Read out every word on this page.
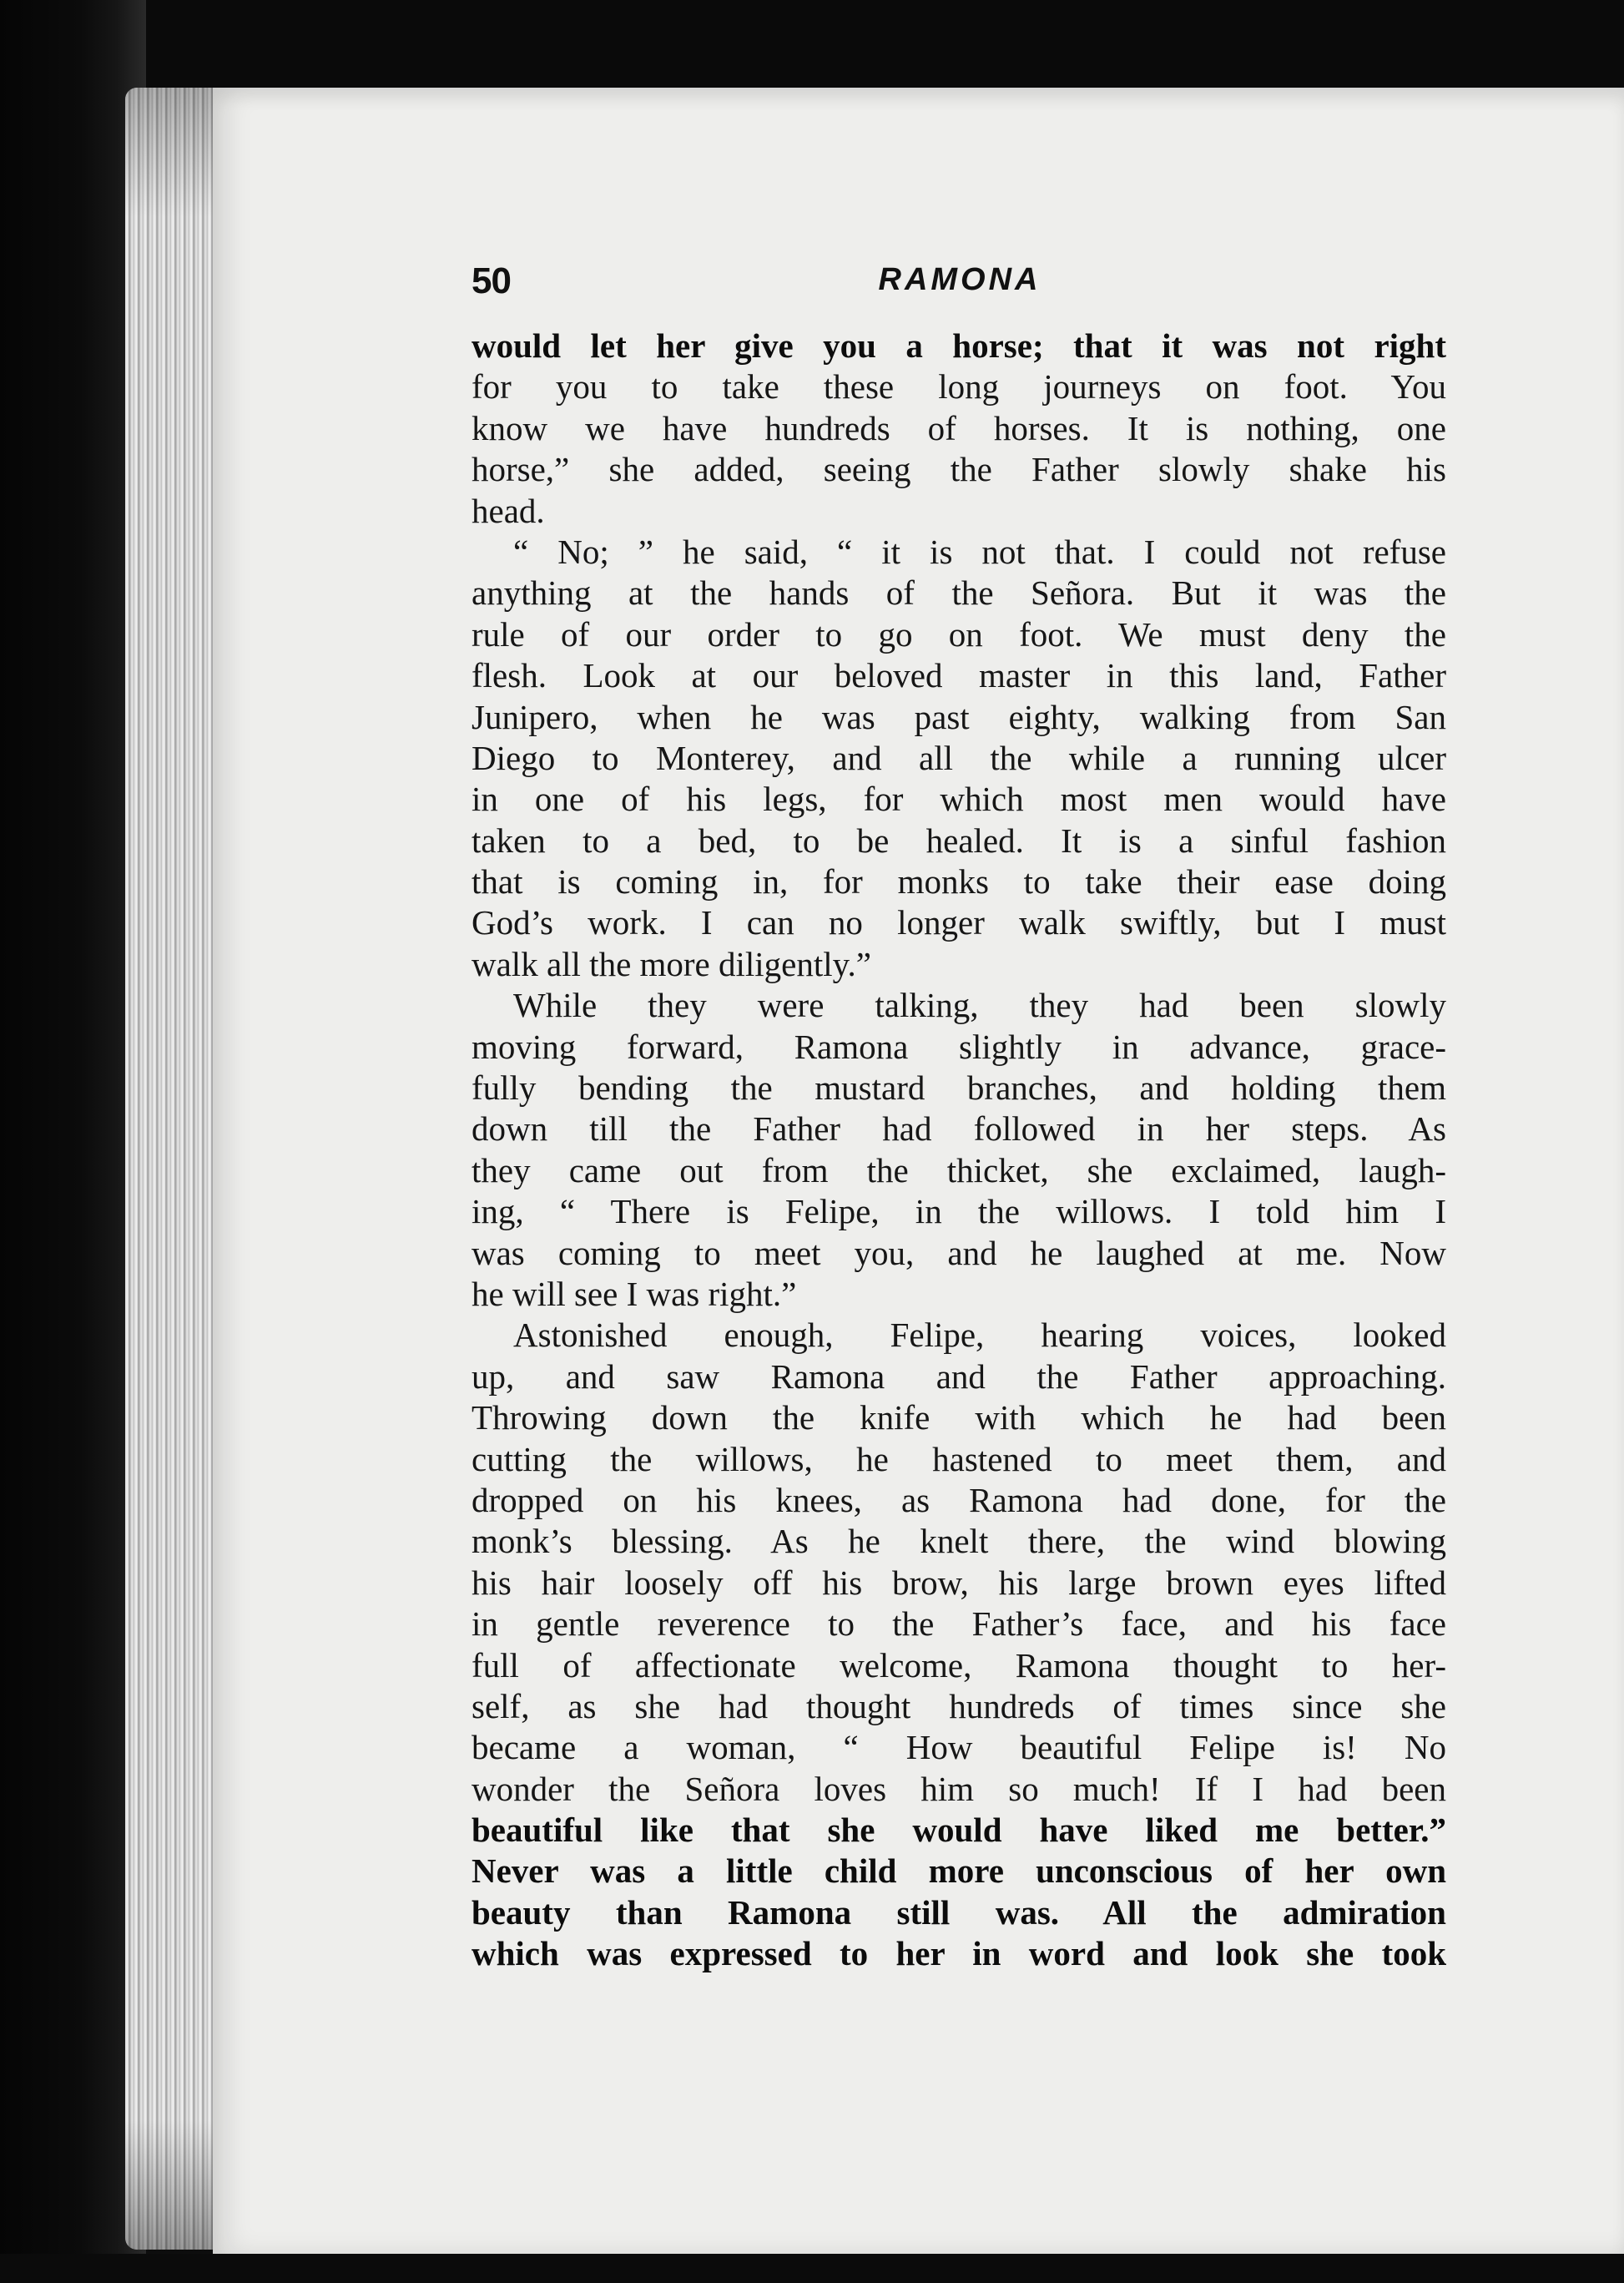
50	RAMONA
would let her give you a horse; that it was not right
for you to take these long journeys on foot. You
know we have hundreds of horses. It is nothing, one
horse,” she added, seeing the Father slowly shake his
head.
“ No; ” he said, “ it is not that. I could not refuse
anything at the hands of the Señora. But it was the
rule of our order to go on foot. We must deny the
flesh. Look at our beloved master in this land, Father
Junipero, when he was past eighty, walking from San
Diego to Monterey, and all the while a running ulcer
in one of his legs, for which most men would have
taken to a bed, to be healed. It is a sinful fashion
that is coming in, for monks to take their ease doing
God’s work. I can no longer walk swiftly, but I must
walk all the more diligently.”
While they were talking, they had been slowly
moving forward, Ramona slightly in advance, grace-
fully bending the mustard branches, and holding them
down till the Father had followed in her steps. As
they came out from the thicket, she exclaimed, laugh-
ing, “ There is Felipe, in the willows. I told him I
was coming to meet you, and he laughed at me. Now
he will see I was right.”
Astonished enough, Felipe, hearing voices, looked
up, and saw Ramona and the Father approaching.
Throwing down the knife with which he had been
cutting the willows, he hastened to meet them, and
dropped on his knees, as Ramona had done, for the
monk’s blessing. As he knelt there, the wind blowing
his hair loosely off his brow, his large brown eyes lifted
in gentle reverence to the Father’s face, and his face
full of affectionate welcome, Ramona thought to her-
self, as she had thought hundreds of times since she
became a woman, “ How beautiful Felipe is! No
wonder the Señora loves him so much! If I had been
beautiful like that she would have liked me better.”
Never was a little child more unconscious of her own
beauty than Ramona still was. All the admiration
which was expressed to her in word and look she took
